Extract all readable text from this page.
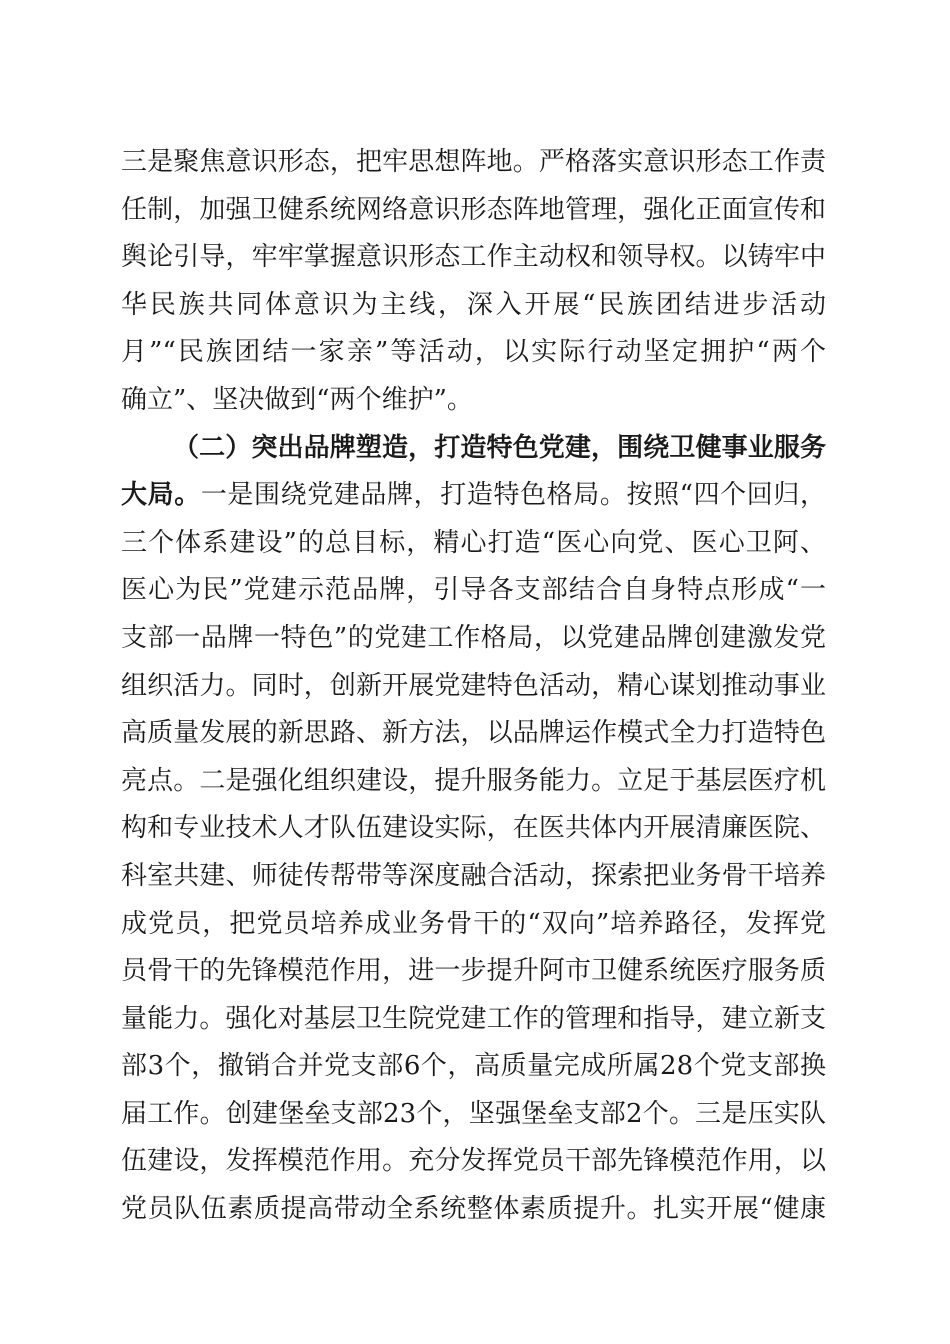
三是聚焦意识形态，把牢思想阵地。严格落实意识形态工作责
任制，加强卫健系统网络意识形态阵地管理，强化正面宣传和
舆论引导，牢牢掌握意识形态工作主动权和领导权。以铸牢中
华民族共同体意识为主线，深入开展“民族团结进步活动
月”“民族团结一家亲”等活动，以实际行动坚定拥护“两个
确立”、坚决做到“两个维护”。
（二）突出品牌塑造，打造特色党建，围绕卫健事业服务
大局。一是围绕党建品牌，打造特色格局。按照“四个回归，
三个体系建设”的总目标，精心打造“医心向党、医心卫阿、
医心为民”党建示范品牌，引导各支部结合自身特点形成“一
支部一品牌一特色”的党建工作格局，以党建品牌创建激发党
组织活力。同时，创新开展党建特色活动，精心谋划推动事业
高质量发展的新思路、新方法，以品牌运作模式全力打造特色
亮点。二是强化组织建设，提升服务能力。立足于基层医疗机
构和专业技术人才队伍建设实际，在医共体内开展清廉医院、
科室共建、师徒传帮带等深度融合活动，探索把业务骨干培养
成党员，把党员培养成业务骨干的“双向”培养路径，发挥党
员骨干的先锋模范作用，进一步提升阿市卫健系统医疗服务质
量能力。强化对基层卫生院党建工作的管理和指导，建立新支
部3个，撤销合并党支部6个，高质量完成所属28个党支部换
届工作。创建堡垒支部23个，坚强堡垒支部2个。三是压实队
伍建设，发挥模范作用。充分发挥党员干部先锋模范作用，以
党员队伍素质提高带动全系统整体素质提升。扎实开展“健康
